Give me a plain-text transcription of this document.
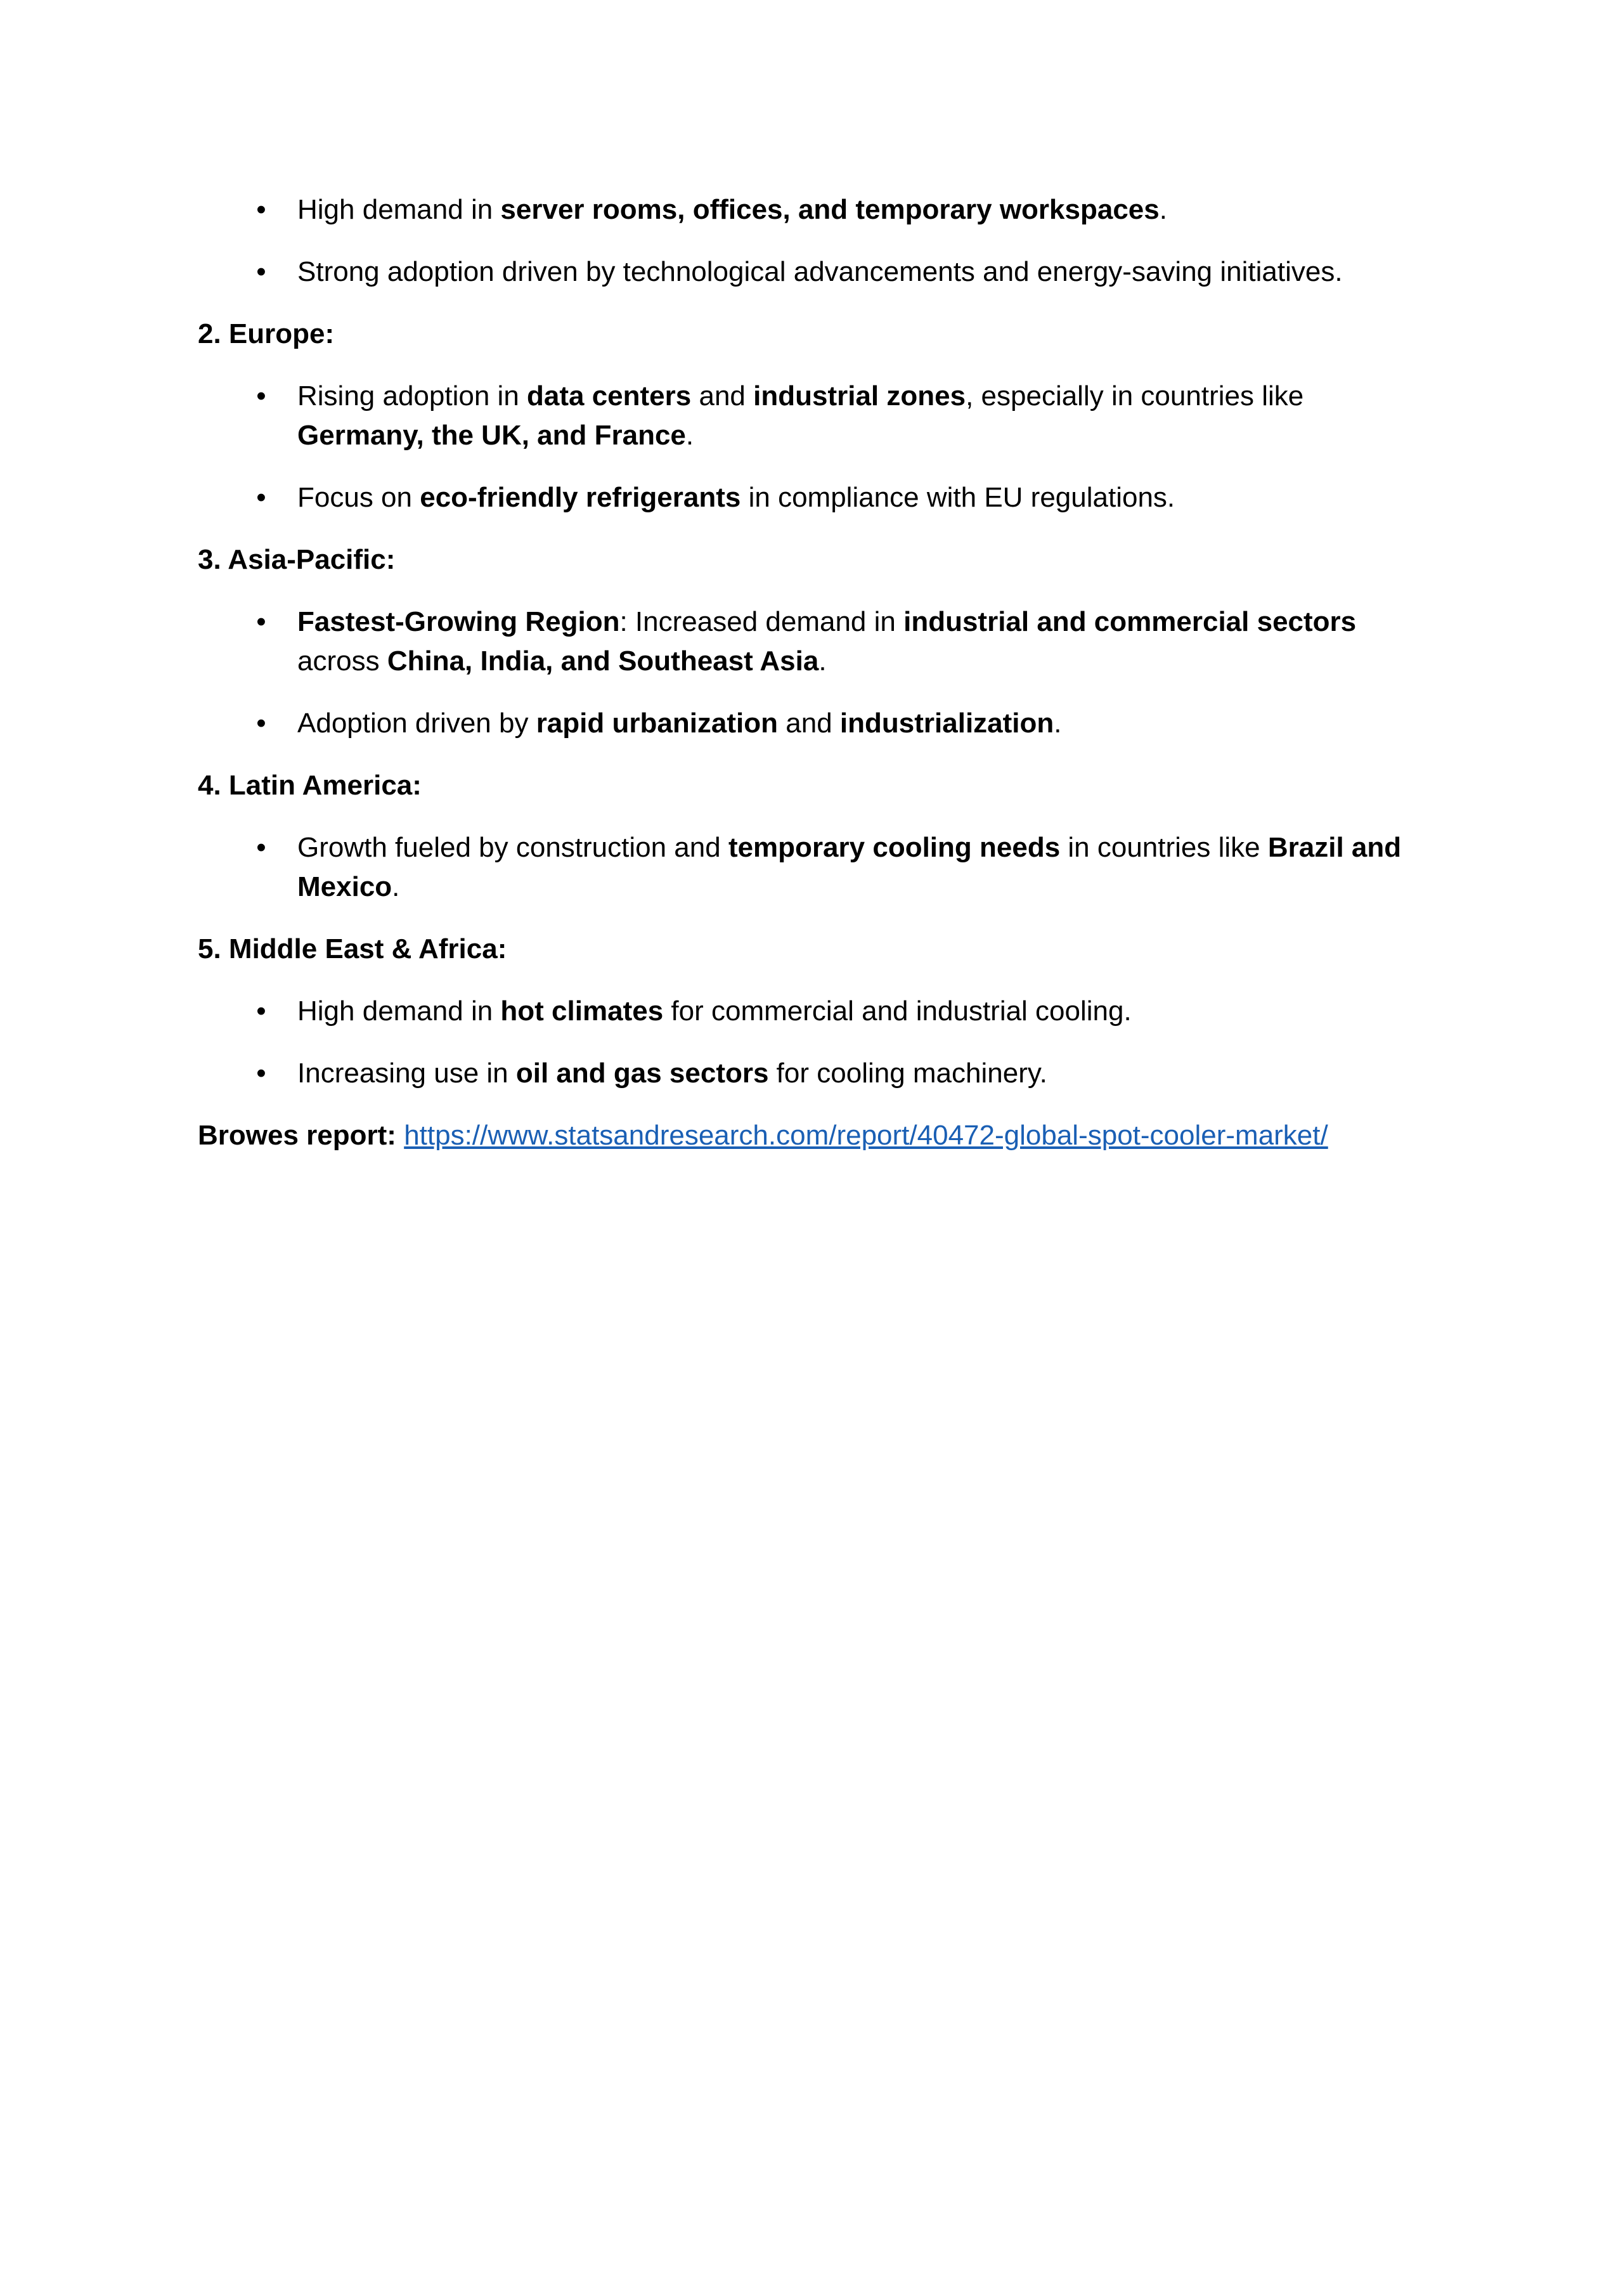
• High demand in server rooms, offices, and temporary workspaces.
• Strong adoption driven by technological advancements and energy-saving initiatives.
2. Europe:
• Rising adoption in data centers and industrial zones, especially in countries like Germany, the UK, and France.
• Focus on eco-friendly refrigerants in compliance with EU regulations.
3. Asia-Pacific:
• Fastest-Growing Region: Increased demand in industrial and commercial sectors across China, India, and Southeast Asia.
• Adoption driven by rapid urbanization and industrialization.
4. Latin America:
• Growth fueled by construction and temporary cooling needs in countries like Brazil and Mexico.
5. Middle East & Africa:
• High demand in hot climates for commercial and industrial cooling.
• Increasing use in oil and gas sectors for cooling machinery.
Browes report: https://www.statsandresearch.com/report/40472-global-spot-cooler-market/
